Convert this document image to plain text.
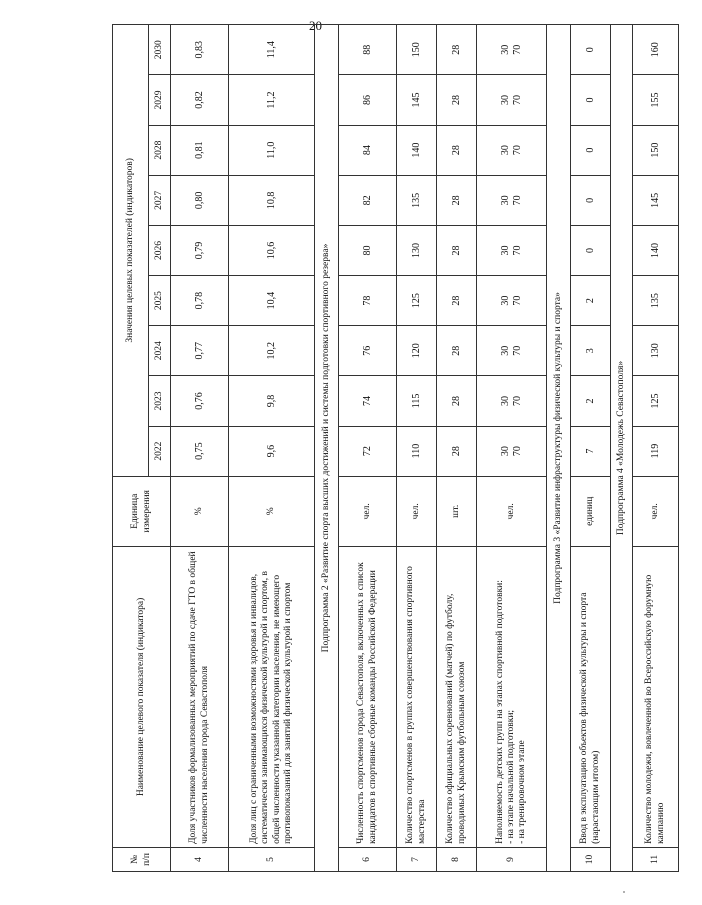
20
№ п/п	Наименование целевого показателя (индикатора)	Единица измерения	Значения целевых показателей (индикаторов)								
			2022	2023	2024	2025	2026	2027	2028	2029	2030
4	Доля участников формализованных мероприятий по сдаче ГТО в общей численности населения города Севастополя	%	0,75	0,76	0,77	0,78	0,79	0,80	0,81	0,82	0,83
5	Доля лиц с ограниченными возможностями здоровья и инвалидов, систематически занимающихся физической культурой и спортом, в общей численности указанной категории населения, не имеющего противопоказаний для занятий физической культурой и спортом	%	9,6	9,8	10,2	10,4	10,6	10,8	11,0	11,2	11,4
Подпрограмма 2 «Развитие спорта высших достижений и системы подготовки спортивного резерва»											
6	Численность спортсменов города Севастополя, включенных в список кандидатов в спортивные сборные команды Российской Федерации	чел.	72	74	76	78	80	82	84	86	88
7	Количество спортсменов в группах совершенствования спортивного мастерства	чел.	110	115	120	125	130	135	140	145	150
8	Количество официальных соревнований (матчей) по футболу, проводимых Крымским футбольным союзом	шт.	28	28	28	28	28	28	28	28	28
9	Наполняемость детских групп на этапах спортивной подготовки: - на этапе начальной подготовки; - на тренировочном этапе	чел.	30 70	30 70	30 70	30 70	30 70	30 70	30 70	30 70	30 70

Подпрограмма 3 «Развитие инфраструктуры физической культуры и спорта»											
10	Ввод в эксплуатацию объектов физической культуры и спорта (нарастающим итогом)	единиц	7	2	3	2	0	0	0	0	0
Подпрограмма 4 «Молодежь Севастополя»											
11	Количество молодежи, вовлеченной во Всероссийскую форумную кампанию	чел.	119	125	130	135	140	145	150	155	160
